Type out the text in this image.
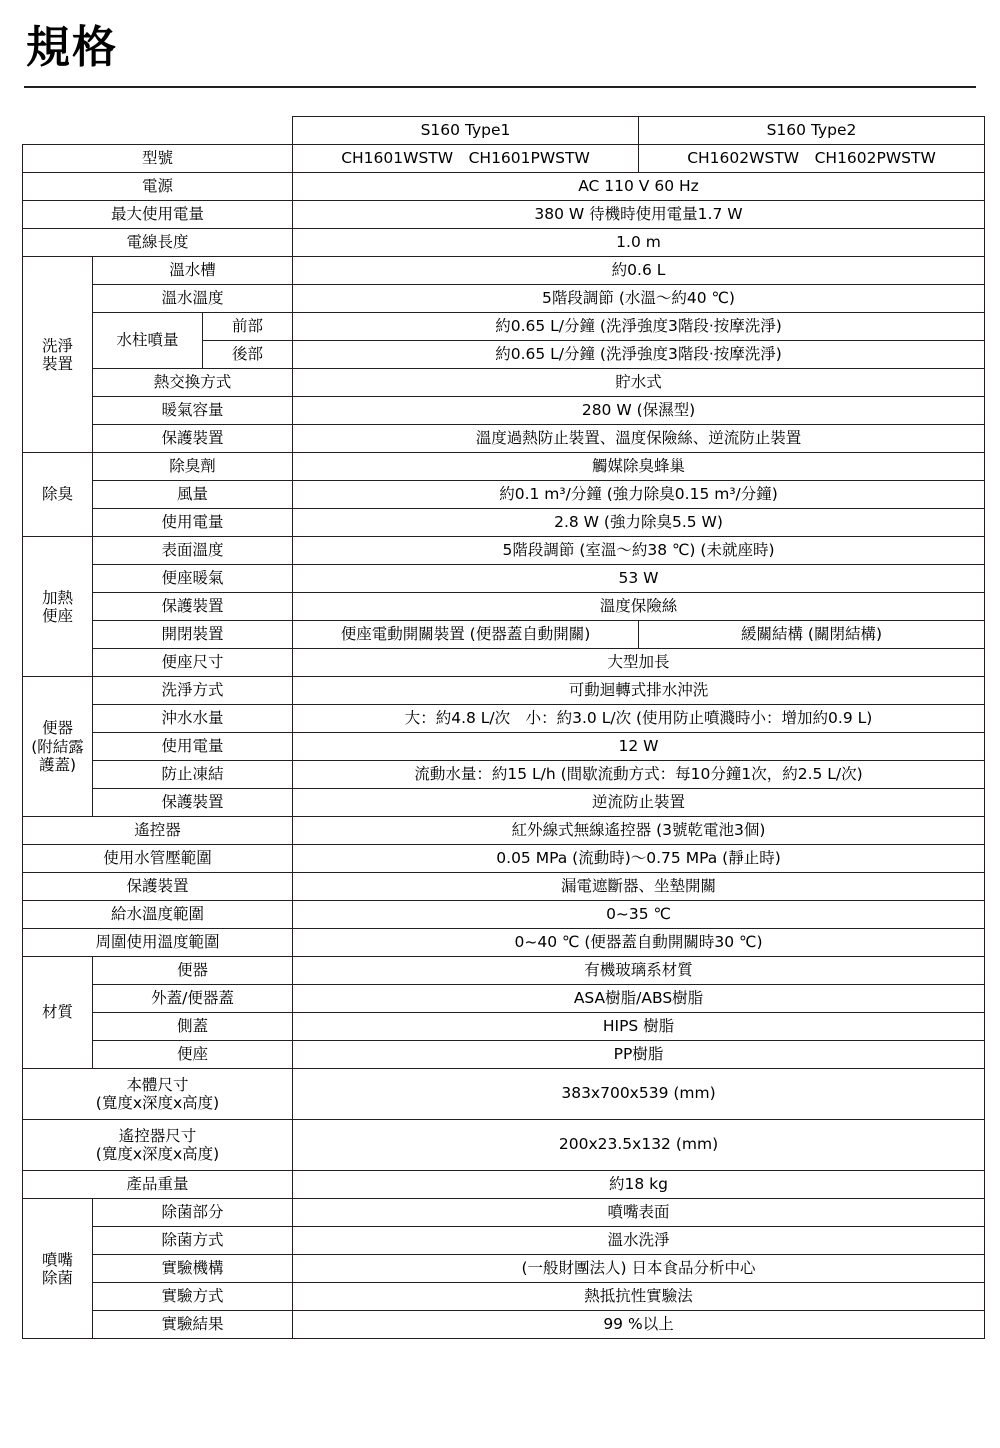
規格
			S160 Type1	S160 Type2
型號			CH1601WSTW　CH1601PWSTW	CH1602WSTW　CH1602PWSTW
電源			AC 110 V 60 Hz	
最大使用電量			380 W 待機時使用電量1.7 W	
電線長度			1.0 m	

洗淨
裝置	溫水槽		約0.6 L	
	溫水溫度		5階段調節 (水溫～約40 ℃)	
	水柱噴量	前部	約0.65 L/分鐘 (洗淨強度3階段·按摩洗淨)	
		後部	約0.65 L/分鐘 (洗淨強度3階段·按摩洗淨)	
	熱交換方式		貯水式	
	暖氣容量		280 W (保濕型)	
	保護裝置		溫度過熱防止裝置、溫度保險絲、逆流防止裝置	
除臭	除臭劑		觸媒除臭蜂巢	
	風量		約0.1 m³/分鐘 (強力除臭0.15 m³/分鐘)	
	使用電量		2.8 W (強力除臭5.5 W)	

加熱
便座	表面溫度		5階段調節 (室溫～約38 ℃) (未就座時)	
	便座暖氣		53 W	
	保護裝置		溫度保險絲	
	開閉裝置		便座電動開關裝置 (便器蓋自動開關)	緩關結構 (關閉結構)
	便座尺寸		大型加長	

便器
(附結露
護蓋)	洗淨方式		可動迴轉式排水沖洗	
	沖水水量		大：約4.8 L/次　小：約3.0 L/次 (使用防止噴濺時小：增加約0.9 L)	
	使用電量		12 W	
	防止凍結		流動水量：約15 L/h (間歇流動方式：每10分鐘1次，約2.5 L/次)	
	保護裝置		逆流防止裝置	
遙控器			紅外線式無線遙控器 (3號乾電池3個)	
使用水管壓範圍			0.05 MPa (流動時)～0.75 MPa (靜止時)	
保護裝置			漏電遮斷器、坐墊開關	
給水溫度範圍			0~35 ℃	
周圍使用溫度範圍			0~40 ℃ (便器蓋自動開關時30 ℃)	
材質	便器		有機玻璃系材質	
	外蓋/便器蓋		ASA樹脂/ABS樹脂	
	側蓋		HIPS 樹脂	
	便座		PP樹脂	

本體尺寸
(寬度x深度x高度)			383x700x539 (mm)	

遙控器尺寸
(寬度x深度x高度)			200x23.5x132 (mm)	
產品重量			約18 kg	

噴嘴
除菌	除菌部分		噴嘴表面	
	除菌方式		溫水洗淨	
	實驗機構		(一般財團法人) 日本食品分析中心	
	實驗方式		熱抵抗性實驗法	
	實驗結果		99 %以上	
